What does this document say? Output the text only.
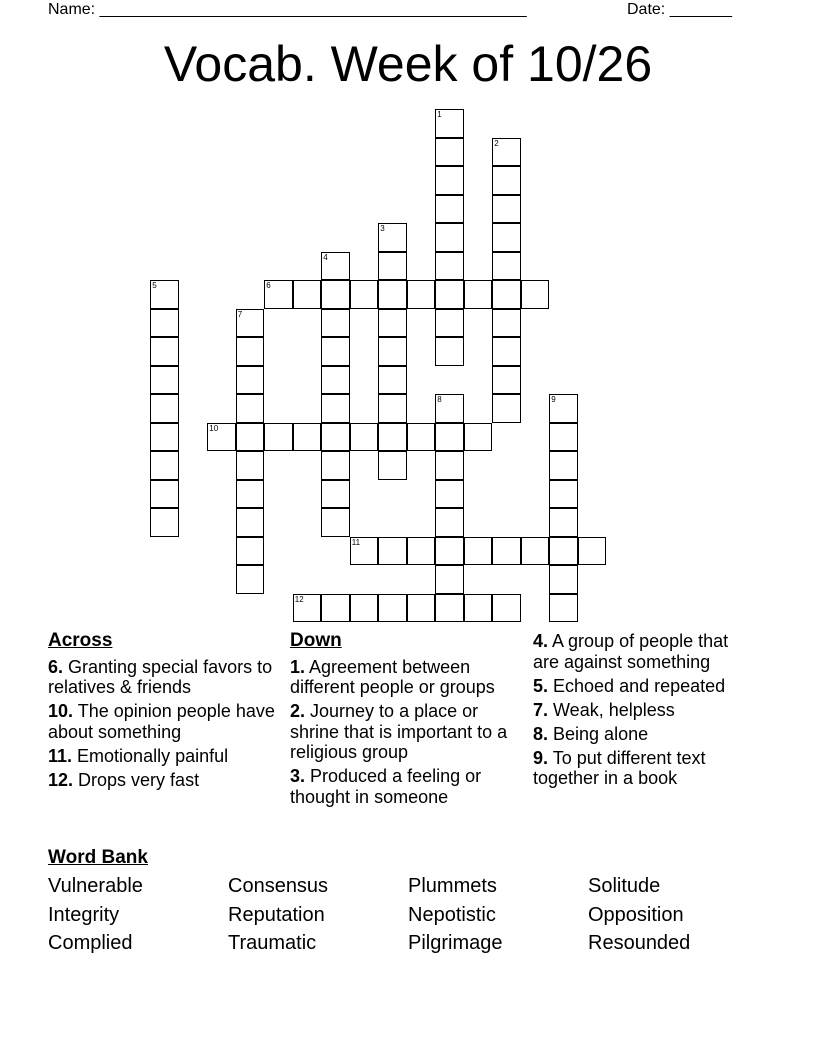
Name: ________________________________________________	Date: _______
Vocab. Week of 10/26
1
2
3
4
5	6
7
8	9
10
11
12
Across
6. Granting special favors to relatives & friends
10. The opinion people have about something
11. Emotionally painful
12. Drops very fast
Down
1. Agreement between different people or groups
2. Journey to a place or shrine that is important to a religious group
3. Produced a feeling or thought in someone
4. A group of people that are against something
5. Echoed and repeated
7. Weak, helpless
8. Being alone
9. To put different text together in a book
Word Bank
Vulnerable	Consensus	Plummets	Solitude
Integrity	Reputation	Nepotistic	Opposition
Complied	Traumatic	Pilgrimage	Resounded
